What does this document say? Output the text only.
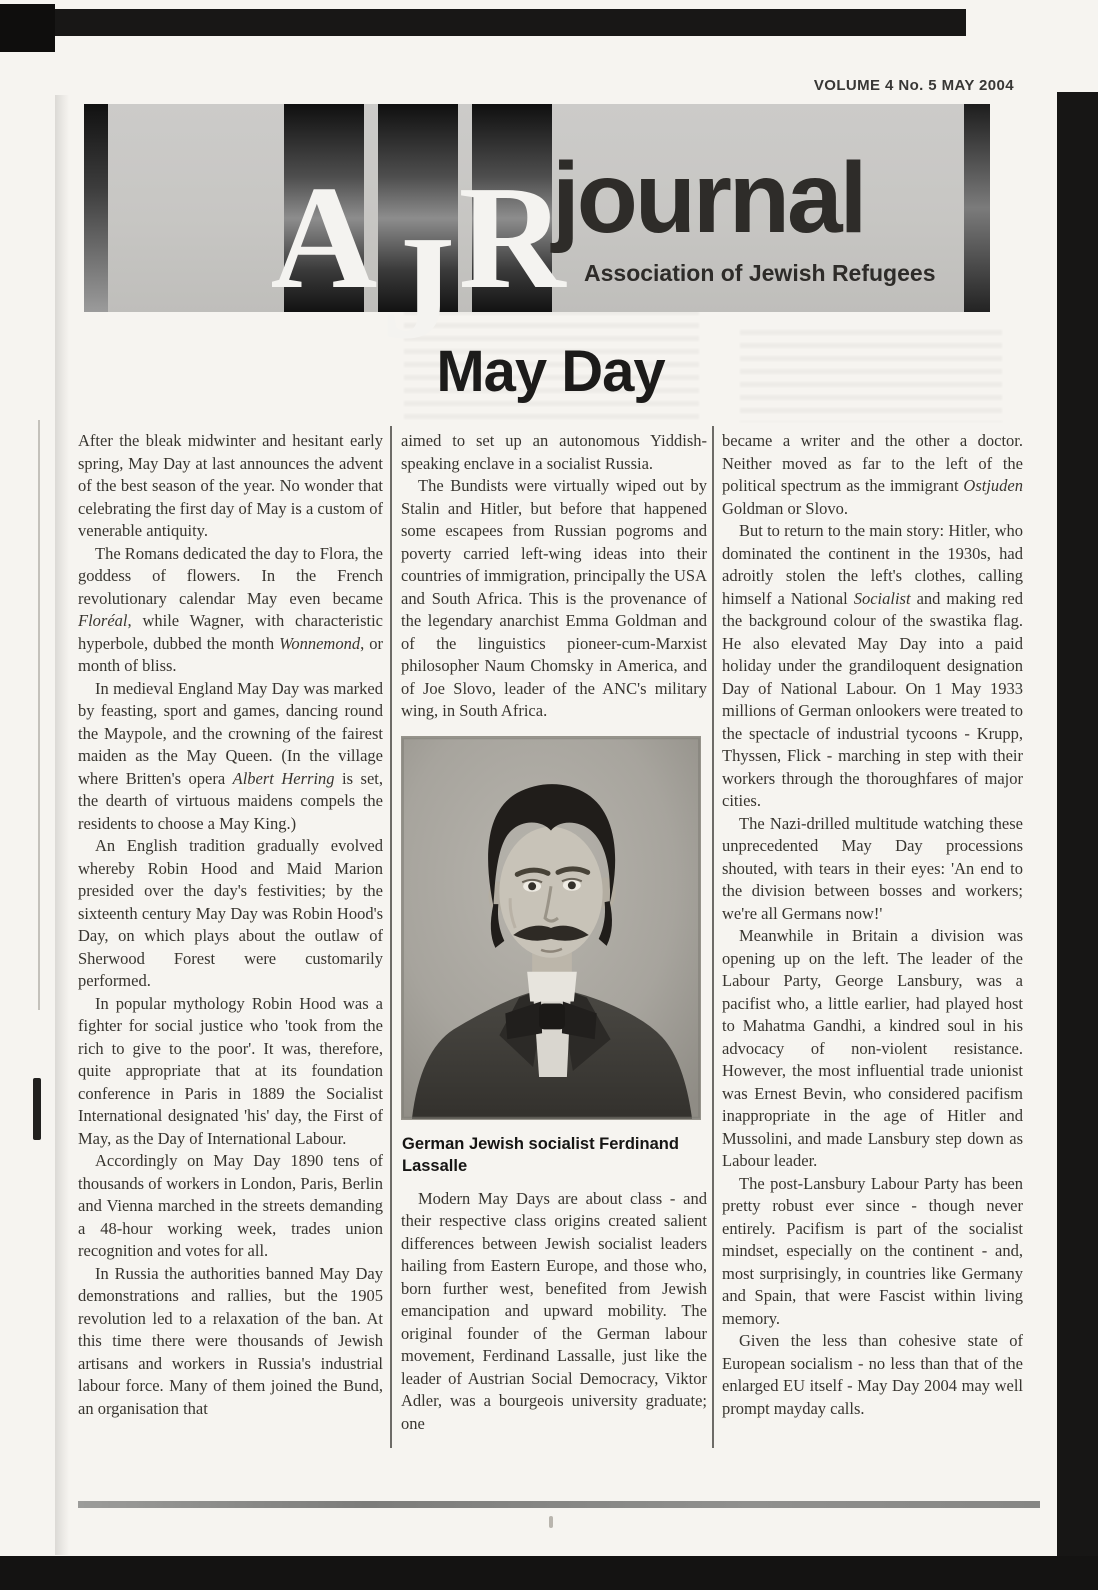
VOLUME 4 No. 5 MAY 2004
A J R
journal
Association of Jewish Refugees
May Day

After the bleak midwinter and hesitant early spring, May Day at last announces the advent of the best season of the year. No wonder that celebrating the first day of May is a custom of venerable antiquity.

The Romans dedicated the day to Flora, the goddess of flowers. In the French revolutionary calendar May even became Floréal, while Wagner, with characteristic hyperbole, dubbed the month Wonnemond, or month of bliss.

In medieval England May Day was marked by feasting, sport and games, dancing round the Maypole, and the crowning of the fairest maiden as the May Queen. (In the village where Britten's opera Albert Herring is set, the dearth of virtuous maidens compels the residents to choose a May King.)

An English tradition gradually evolved whereby Robin Hood and Maid Marion presided over the day's festivities; by the sixteenth century May Day was Robin Hood's Day, on which plays about the outlaw of Sherwood Forest were customarily performed.

In popular mythology Robin Hood was a fighter for social justice who 'took from the rich to give to the poor'. It was, therefore, quite appropriate that at its foundation conference in Paris in 1889 the Socialist International designated 'his' day, the First of May, as the Day of International Labour.

Accordingly on May Day 1890 tens of thousands of workers in London, Paris, Berlin and Vienna marched in the streets demanding a 48-hour working week, trades union recognition and votes for all.

In Russia the authorities banned May Day demonstrations and rallies, but the 1905 revolution led to a relaxation of the ban. At this time there were thousands of Jewish artisans and workers in Russia's industrial labour force. Many of them joined the Bund, an organisation that

aimed to set up an autonomous Yiddish-speaking enclave in a socialist Russia.

The Bundists were virtually wiped out by Stalin and Hitler, but before that happened some escapees from Russian pogroms and poverty carried left-wing ideas into their countries of immigration, principally the USA and South Africa. This is the provenance of the legendary anarchist Emma Goldman and of the linguistics pioneer-cum-Marxist philosopher Naum Chomsky in America, and of Joe Slovo, leader of the ANC's military wing, in South Africa.

German Jewish socialist Ferdinand Lassalle

Modern May Days are about class - and their respective class origins created salient differences between Jewish socialist leaders hailing from Eastern Europe, and those who, born further west, benefited from Jewish emancipation and upward mobility. The original founder of the German labour movement, Ferdinand Lassalle, just like the leader of Austrian Social Democracy, Viktor Adler, was a bourgeois university graduate; one

became a writer and the other a doctor. Neither moved as far to the left of the political spectrum as the immigrant Ostjuden Goldman or Slovo.

But to return to the main story: Hitler, who dominated the continent in the 1930s, had adroitly stolen the left's clothes, calling himself a National Socialist and making red the background colour of the swastika flag. He also elevated May Day into a paid holiday under the grandiloquent designation Day of National Labour. On 1 May 1933 millions of German onlookers were treated to the spectacle of industrial tycoons - Krupp, Thyssen, Flick - marching in step with their workers through the thoroughfares of major cities.

The Nazi-drilled multitude watching these unprecedented May Day processions shouted, with tears in their eyes: 'An end to the division between bosses and workers; we're all Germans now!'

Meanwhile in Britain a division was opening up on the left. The leader of the Labour Party, George Lansbury, was a pacifist who, a little earlier, had played host to Mahatma Gandhi, a kindred soul in his advocacy of non-violent resistance. However, the most influential trade unionist was Ernest Bevin, who considered pacifism inappropriate in the age of Hitler and Mussolini, and made Lansbury step down as Labour leader.

The post-Lansbury Labour Party has been pretty robust ever since - though never entirely. Pacifism is part of the socialist mindset, especially on the continent - and, most surprisingly, in countries like Germany and Spain, that were Fascist within living memory.

Given the less than cohesive state of European socialism - no less than that of the enlarged EU itself - May Day 2004 may well prompt mayday calls.
